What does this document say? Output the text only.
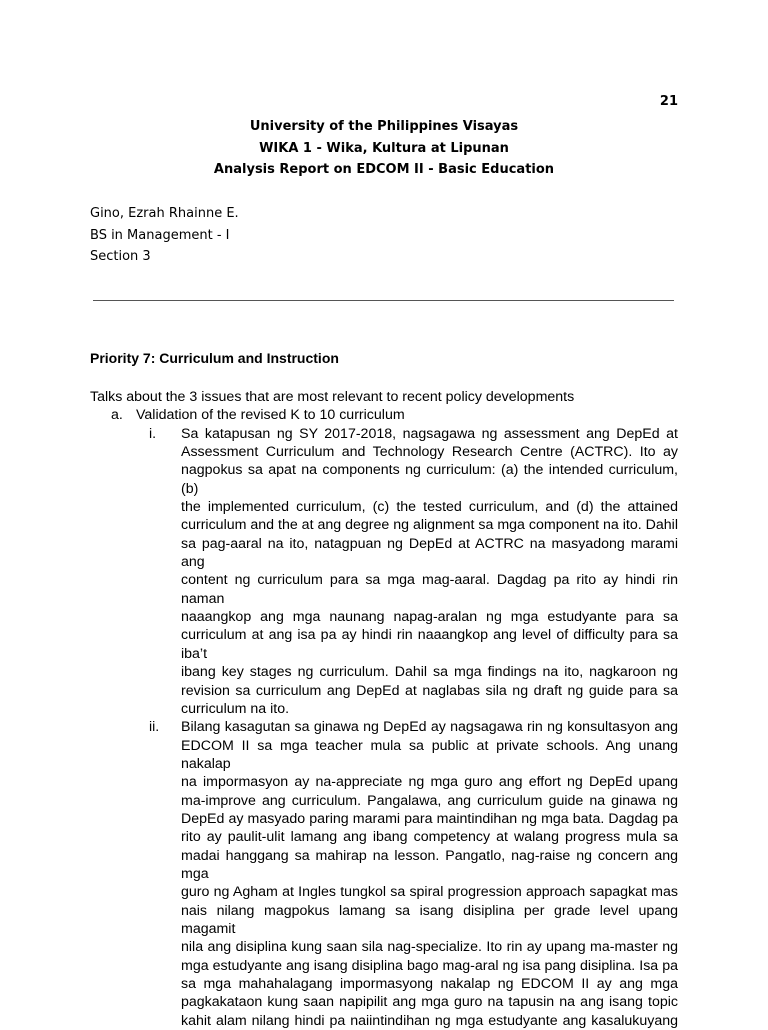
21
University of the Philippines Visayas
WIKA 1 - Wika, Kultura at Lipunan
Analysis Report on EDCOM II - Basic Education
Gino, Ezrah Rhainne E.
BS in Management - I
Section 3
Priority 7: Curriculum and Instruction
Talks about the 3 issues that are most relevant to recent policy developments
a. Validation of the revised K to 10 curriculum
i. Sa katapusan ng SY 2017-2018, nagsagawa ng assessment ang DepEd at
Assessment Curriculum and Technology Research Centre (ACTRC). Ito ay
nagpokus sa apat na components ng curriculum: (a) the intended curriculum, (b)
the implemented curriculum, (c) the tested curriculum, and (d) the attained
curriculum and the at ang degree ng alignment sa mga component na ito. Dahil
sa pag-aaral na ito, natagpuan ng DepEd at ACTRC na masyadong marami ang
content ng curriculum para sa mga mag-aaral. Dagdag pa rito ay hindi rin naman
naaangkop ang mga naunang napag-aralan ng mga estudyante para sa
curriculum at ang isa pa ay hindi rin naaangkop ang level of difficulty para sa iba’t
ibang key stages ng curriculum. Dahil sa mga findings na ito, nagkaroon ng
revision sa curriculum ang DepEd at naglabas sila ng draft ng guide para sa
curriculum na ito.
ii. Bilang kasagutan sa ginawa ng DepEd ay nagsagawa rin ng konsultasyon ang
EDCOM II sa mga teacher mula sa public at private schools. Ang unang nakalap
na impormasyon ay na-appreciate ng mga guro ang effort ng DepEd upang
ma-improve ang curriculum. Pangalawa, ang curriculum guide na ginawa ng
DepEd ay masyado paring marami para maintindihan ng mga bata. Dagdag pa
rito ay paulit-ulit lamang ang ibang competency at walang progress mula sa
madai hanggang sa mahirap na lesson. Pangatlo, nag-raise ng concern ang mga
guro ng Agham at Ingles tungkol sa spiral progression approach sapagkat mas
nais nilang magpokus lamang sa isang disiplina per grade level upang magamit
nila ang disiplina kung saan sila nag-specialize. Ito rin ay upang ma-master ng
mga estudyante ang isang disiplina bago mag-aral ng isa pang disiplina. Isa pa
sa mga mahahalagang impormasyong nakalap ng EDCOM II ay ang mga
pagkakataon kung saan napipilit ang mga guro na tapusin na ang isang topic
kahit alam nilang hindi pa naiintindihan ng mga estudyante ang kasalukuyang
